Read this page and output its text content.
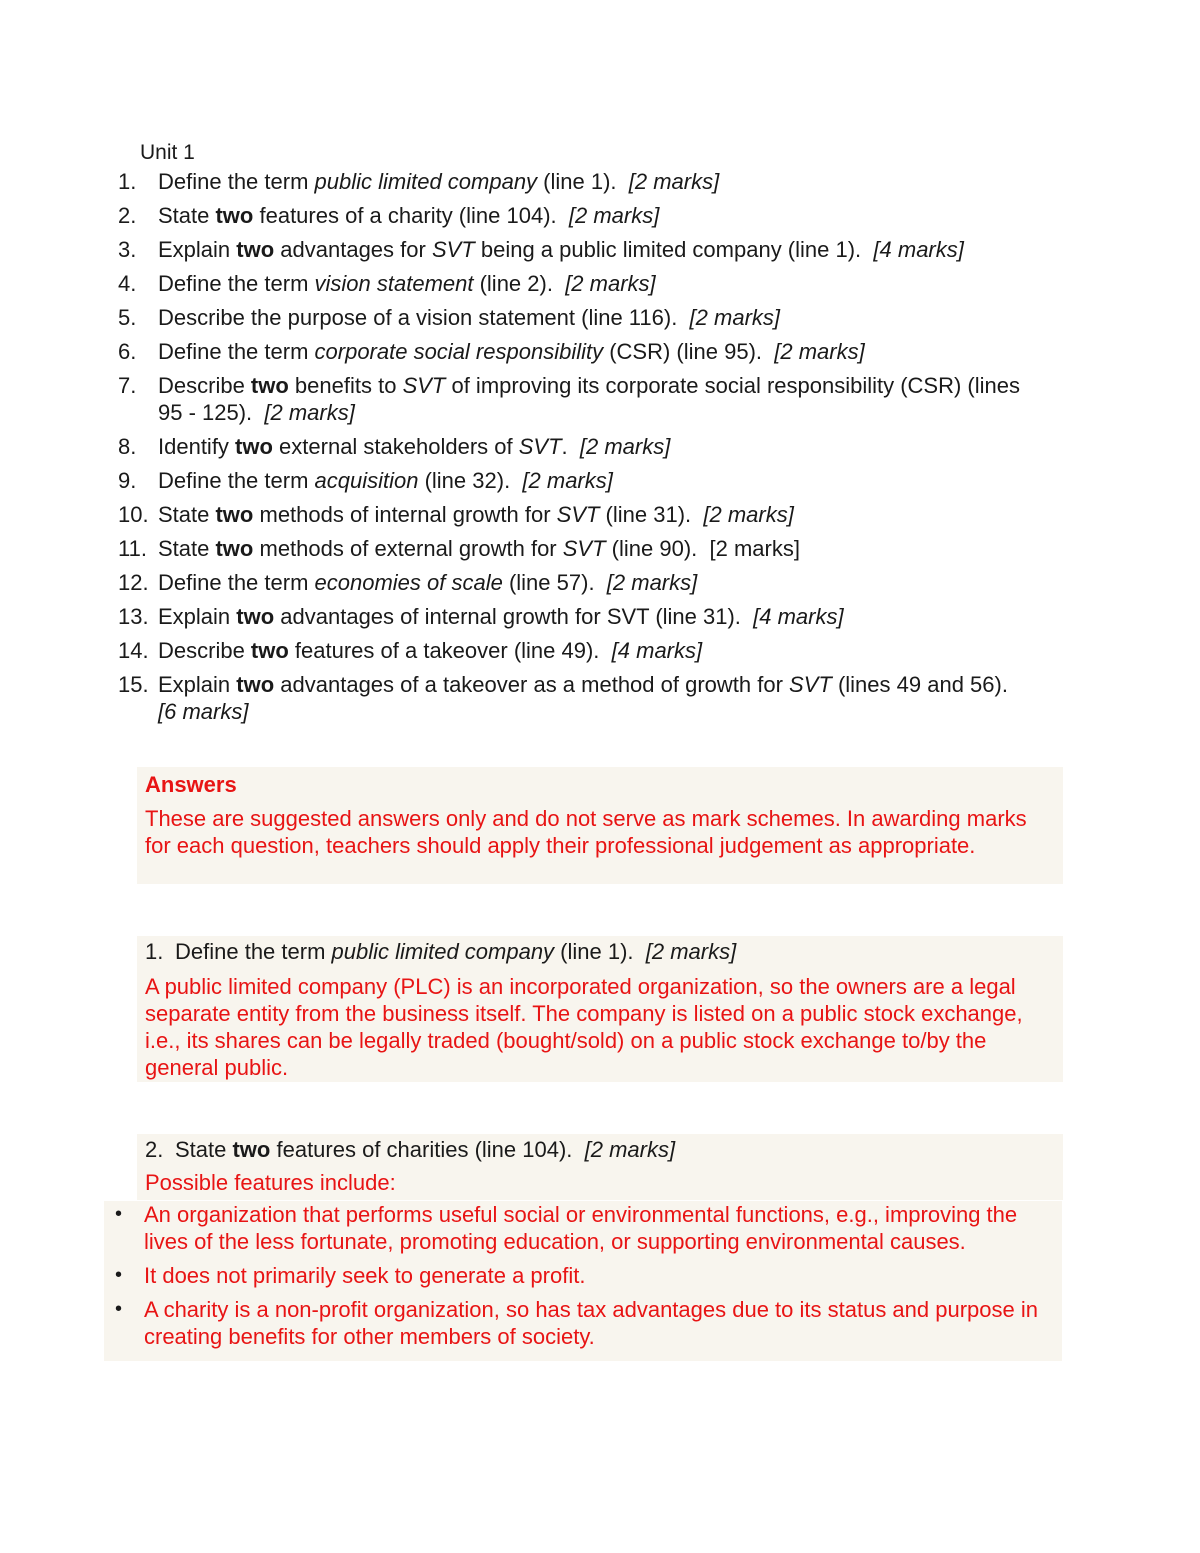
Unit 1
1. Define the term public limited company (line 1).  [2 marks]
2. State two features of a charity (line 104).  [2 marks]
3. Explain two advantages for SVT being a public limited company (line 1).  [4 marks]
4. Define the term vision statement (line 2).  [2 marks]
5. Describe the purpose of a vision statement (line 116).  [2 marks]
6. Define the term corporate social responsibility (CSR) (line 95).  [2 marks]
7. Describe two benefits to SVT of improving its corporate social responsibility (CSR) (lines 95 - 125).  [2 marks]
8. Identify two external stakeholders of SVT.  [2 marks]
9. Define the term acquisition (line 32).  [2 marks]
10. State two methods of internal growth for SVT (line 31).  [2 marks]
11. State two methods of external growth for SVT (line 90).  [2 marks]
12. Define the term economies of scale (line 57).  [2 marks]
13. Explain two advantages of internal growth for SVT (line 31).  [4 marks]
14. Describe two features of a takeover (line 49).  [4 marks]
15. Explain two advantages of a takeover as a method of growth for SVT (lines 49 and 56).  [6 marks]
Answers
These are suggested answers only and do not serve as mark schemes. In awarding marks for each question, teachers should apply their professional judgement as appropriate.
1. Define the term public limited company (line 1).  [2 marks]
A public limited company (PLC) is an incorporated organization, so the owners are a legal separate entity from the business itself. The company is listed on a public stock exchange, i.e., its shares can be legally traded (bought/sold) on a public stock exchange to/by the general public.
2. State two features of charities (line 104).  [2 marks]
Possible features include:
• An organization that performs useful social or environmental functions, e.g., improving the lives of the less fortunate, promoting education, or supporting environmental causes.
• It does not primarily seek to generate a profit.
• A charity is a non-profit organization, so has tax advantages due to its status and purpose in creating benefits for other members of society.
